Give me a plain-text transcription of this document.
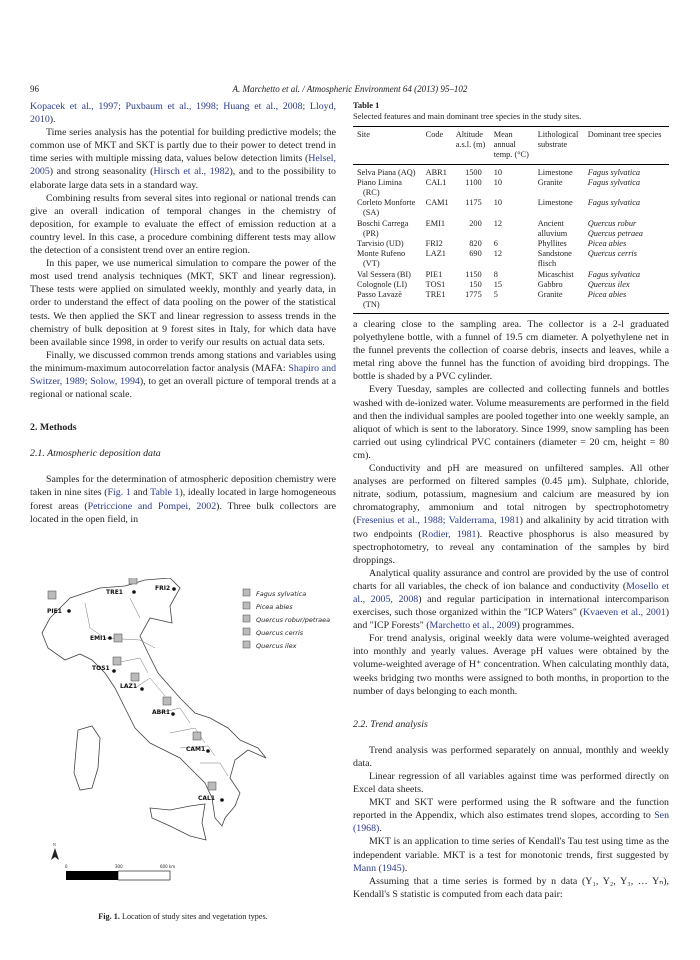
96	A. Marchetto et al. / Atmospheric Environment 64 (2013) 95–102

Kopacek et al., 1997; Puxbaum et al., 1998; Huang et al., 2008; Lloyd, 2010).

Time series analysis has the potential for building predictive models; the common use of MKT and SKT is partly due to their power to detect trend in time series with multiple missing data, values below detection limits (Helsel, 2005) and strong seasonality (Hirsch et al., 1982), and to the possibility to elaborate large data sets in a standard way.

Combining results from several sites into regional or national trends can give an overall indication of temporal changes in the chemistry of deposition, for example to evaluate the effect of emission reduction at a country level. In this case, a procedure combining different tests may allow the detection of a consistent trend over an entire region.

In this paper, we use numerical simulation to compare the power of the most used trend analysis techniques (MKT, SKT and linear regression). These tests were applied on simulated weekly, monthly and yearly data, in order to understand the effect of data pooling on the power of the statistical tests. We then applied the SKT and linear regression to assess trends in the chemistry of bulk deposition at 9 forest sites in Italy, for which data have been available since 1998, in order to verify our results on actual data sets.

Finally, we discussed common trends among stations and variables using the minimum-maximum autocorrelation factor analysis (MAFA: Shapiro and Switzer, 1989; Solow, 1994), to get an overall picture of temporal trends at a regional or national scale.

2. Methods
2.1. Atmospheric deposition data

Samples for the determination of atmospheric deposition chemistry were taken in nine sites (Fig. 1 and Table 1), ideally located in large homogeneous forest areas (Petriccione and Pompei, 2002). Three bulk collectors are located in the open field, in

TRE1
FRI2
PIE1
EMI1
TOS1
LAZ1
ABR1
CAM1
CAL1
Fagus sylvatica
Picea abies
Quercus robur/petraea
Quercus cerris
Quercus ilex
N
0	300	600 km
Fig. 1. Location of study sites and vegetation types.
Table 1
Selected features and main dominant tree species in the study sites.
Site	Code	Altitude a.s.l. (m)	Mean annual temp. (°C)	Lithological substrate	Dominant tree species
Selva Piana (AQ)	ABR1	1500	10	Limestone	Fagus sylvatica
Piano Limina (RC)	CAL1	1100	10	Granite	Fagus sylvatica
Corleto Monforte (SA)	CAM1	1175	10	Limestone	Fagus sylvatica
Boschi Carrega (PR)	EMI1	200	12	Ancient alluvium	Quercus robur Quercus petraea
Tarvisio (UD)	FRI2	820	6	Phyllites	Picea abies
Monte Rufeno (VT)	LAZ1	690	12	Sandstone flisch	Quercus cerris
Val Sessera (BI)	PIE1	1150	8	Micaschist	Fagus sylvatica
Colognole (LI)	TOS1	150	15	Gabbro	Quercus ilex
Passo Lavazè (TN)	TRE1	1775	5	Granite	Picea abies

a clearing close to the sampling area. The collector is a 2-l graduated polyethylene bottle, with a funnel of 19.5 cm diameter. A polyethylene net in the funnel prevents the collection of coarse debris, insects and leaves, while a metal ring above the funnel has the function of avoiding bird droppings. The bottle is shaded by a PVC cylinder.

Every Tuesday, samples are collected and collecting funnels and bottles washed with de-ionized water. Volume measurements are performed in the field and then the individual samples are pooled together into one weekly sample, an aliquot of which is sent to the laboratory. Since 1999, snow sampling has been carried out using cylindrical PVC containers (diameter = 20 cm, height = 80 cm).

Conductivity and pH are measured on unfiltered samples. All other analyses are performed on filtered samples (0.45 µm). Sulphate, chloride, nitrate, sodium, potassium, magnesium and calcium are measured by ion chromatography, ammonium and total nitrogen by spectrophotometry (Fresenius et al., 1988; Valderrama, 1981) and alkalinity by acid titration with two endpoints (Rodier, 1981). Reactive phosphorus is also measured by spectrophotometry, to reveal any contamination of the samples by bird droppings.

Analytical quality assurance and control are provided by the use of control charts for all variables, the check of ion balance and conductivity (Mosello et al., 2005, 2008) and regular participation in international intercomparison exercises, such those organized within the "ICP Waters" (Kvaeven et al., 2001) and "ICP Forests" (Marchetto et al., 2009) programmes.

For trend analysis, original weekly data were volume-weighted averaged into monthly and yearly values. Average pH values were obtained by the volume-weighted average of H⁺ concentration. When calculating monthly data, weeks bridging two months were assigned to both months, in proportion to the number of days belonging to each month.

2.2. Trend analysis

Trend analysis was performed separately on annual, monthly and weekly data.

Linear regression of all variables against time was performed directly on Excel data sheets.

MKT and SKT were performed using the R software and the function reported in the Appendix, which also estimates trend slopes, according to Sen (1968).

MKT is an application to time series of Kendall's Tau test using time as the independent variable. MKT is a test for monotonic trends, first suggested by Mann (1945).

Assuming that a time series is formed by n data (Y₁, Y₂, Y₃, … Yₙ), Kendall's S statistic is computed from each data pair:
